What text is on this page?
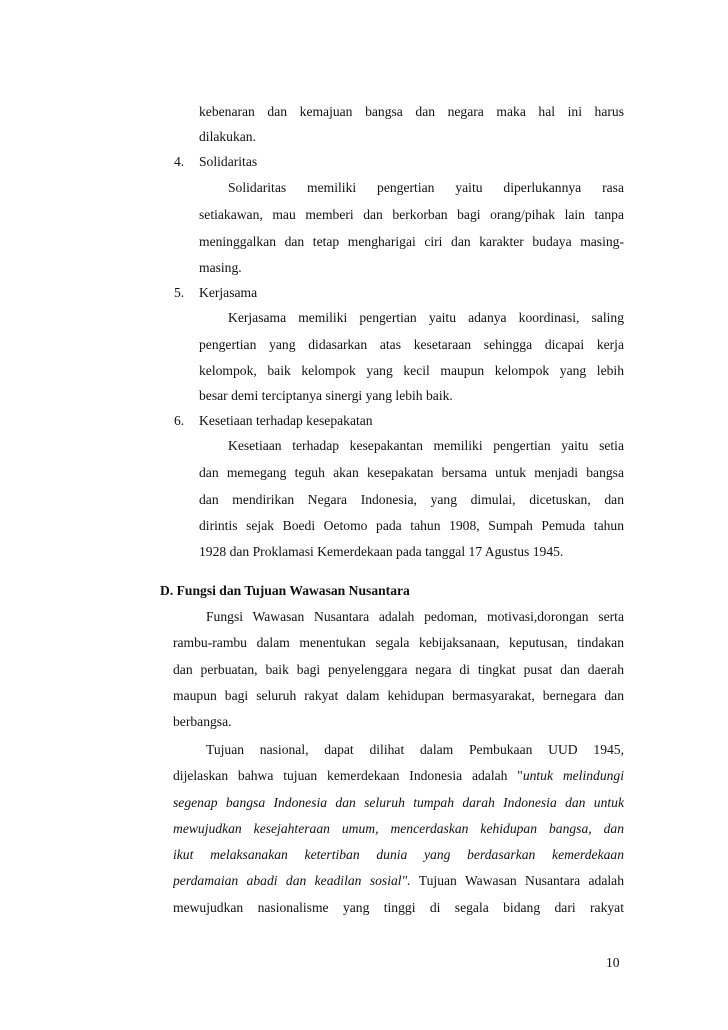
kebenaran dan kemajuan bangsa dan negara maka hal ini harus
dilakukan.
4. Solidaritas
Solidaritas memiliki pengertian yaitu diperlukannya rasa
setiakawan, mau memberi dan berkorban bagi orang/pihak lain tanpa
meninggalkan dan tetap mengharigai ciri dan karakter budaya masing-
masing.
5. Kerjasama
Kerjasama memiliki pengertian yaitu adanya koordinasi, saling
pengertian yang didasarkan atas kesetaraan sehingga dicapai kerja
kelompok, baik kelompok yang kecil maupun kelompok yang lebih
besar demi terciptanya sinergi yang lebih baik.
6. Kesetiaan terhadap kesepakatan
Kesetiaan terhadap kesepakantan memiliki pengertian yaitu setia
dan memegang teguh akan kesepakatan bersama untuk menjadi bangsa
dan mendirikan Negara Indonesia, yang dimulai, dicetuskan, dan
dirintis sejak Boedi Oetomo pada tahun 1908, Sumpah Pemuda tahun
1928 dan Proklamasi Kemerdekaan pada tanggal 17 Agustus 1945.
D. Fungsi dan Tujuan Wawasan Nusantara
Fungsi Wawasan Nusantara adalah pedoman, motivasi,dorongan serta
rambu-rambu dalam menentukan segala kebijaksanaan, keputusan, tindakan
dan perbuatan, baik bagi penyelenggara negara di tingkat pusat dan daerah
maupun bagi seluruh rakyat dalam kehidupan bermasyarakat, bernegara dan
berbangsa.
Tujuan nasional, dapat dilihat dalam Pembukaan UUD 1945,
dijelaskan bahwa tujuan kemerdekaan Indonesia adalah "untuk melindungi
segenap bangsa Indonesia dan seluruh tumpah darah Indonesia dan untuk
mewujudkan kesejahteraan umum, mencerdaskan kehidupan bangsa, dan
ikut melaksanakan ketertiban dunia yang berdasarkan kemerdekaan
perdamaian abadi dan keadilan sosial". Tujuan Wawasan Nusantara adalah
mewujudkan nasionalisme yang tinggi di segala bidang dari rakyat
10
